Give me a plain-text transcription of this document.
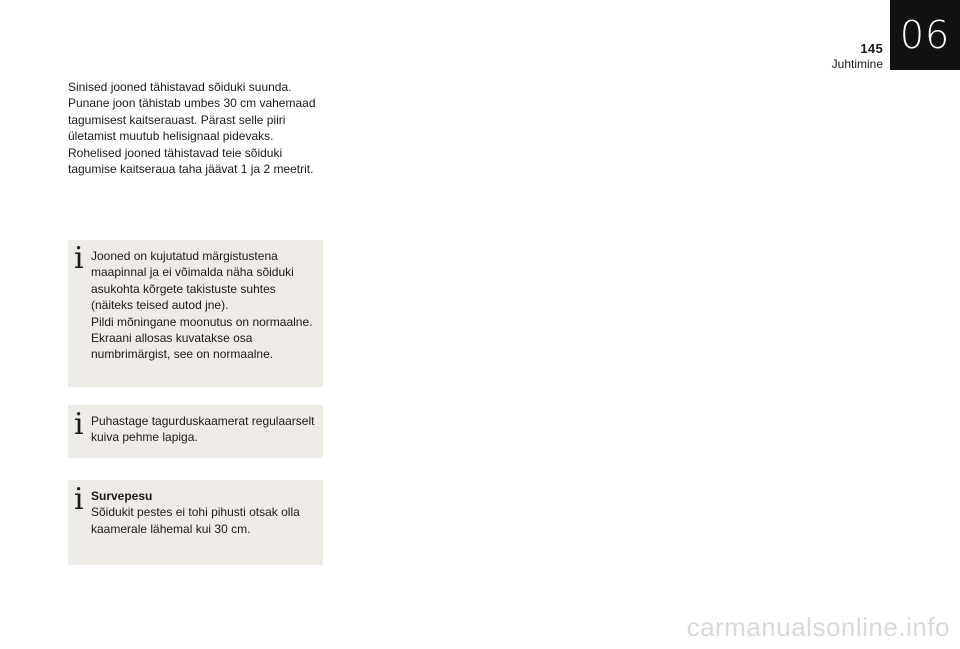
145
Juhtimine
06

Sinised jooned tähistavad sõiduki suunda.

Punane joon tähistab umbes 30 cm vahemaad

tagumisest kaitserauast. Pärast selle piiri

ületamist muutub helisignaal pidevaks.

Rohelised jooned tähistavad teie sõiduki

tagumise kaitseraua taha jäävat 1 ja 2 meetrit.

i Jooned on kujutatud märgistustena

maapinnal ja ei võimalda näha sõiduki

asukohta kõrgete takistuste suhtes

(näiteks teised autod jne).

Pildi mõningane moonutus on normaalne.

Ekraani allosas kuvatakse osa

numbrimärgist, see on normaalne.

i Puhastage tagurduskaamerat regulaarselt

kuiva pehme lapiga.

i Survepesu

Sõidukit pestes ei tohi pihusti otsak olla

kaamerale lähemal kui 30 cm.

carmanualsonline.info
